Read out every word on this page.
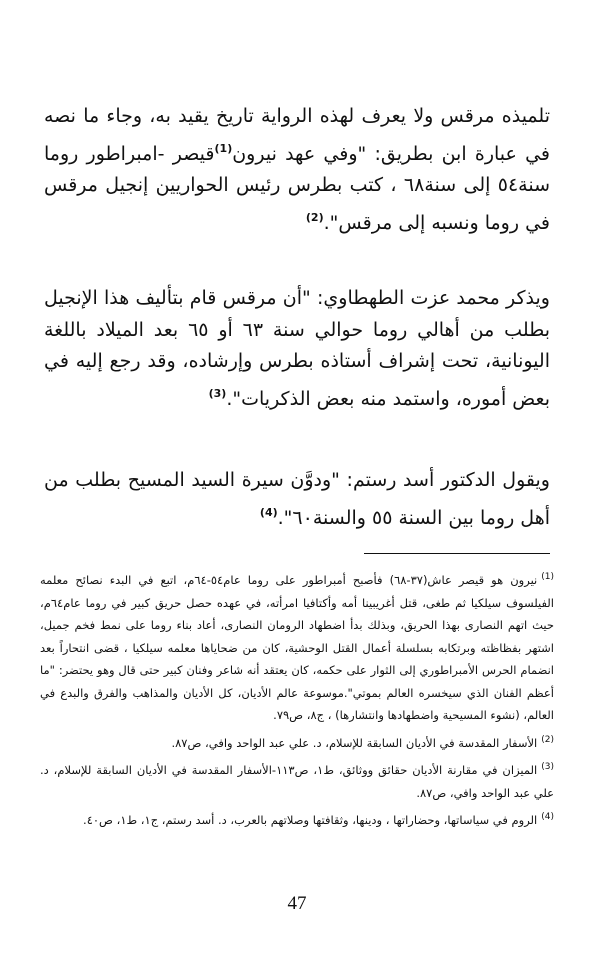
تلميذه مرقس ولا يعرف لهذه الرواية تاريخ يقيد به، وجاء ما نصه في عبارة ابن بطريق: "وفي عهد نيرون$^{(1)}$قيصر -امبراطور روما سنة٥٤ إلى سنة٦٨ ، كتب بطرس رئيس الحواريين إنجيل مرقس في روما ونسبه إلى مرقس".$^{(2)}$

ويذكر محمد عزت الطهطاوي: "أن مرقس قام بتأليف هذا الإنجيل بطلب من أهالي روما حوالي سنة ٦٣ أو ٦٥ بعد الميلاد باللغة اليونانية، تحت إشراف أستاذه بطرس وإرشاده، وقد رجع إليه في بعض أموره، واستمد منه بعض الذكريات".$^{(3)}$

ويقول الدكتور أسد رستم: "ودوَّن سيرة السيد المسيح بطلب من أهل روما بين السنة ٥٥ والسنة٦٠".$^{(4)}$

$^{(1)}$نيرون هو قيصر عاش(٣٧-٦٨) فأصبح أمبراطور على روما عام٥٤-٦٤م، اتبع في البدء نصائح معلمه الفيلسوف سيلكيا ثم طغى، قتل أغريبينا أمه وأكتافيا امرأته، في عهده حصل حريق كبير في روما عام٦٤م، حيث اتهم النصارى بهذا الحريق، وبذلك بدأ اضطهاد الرومان النصارى، أعاد بناء روما على نمط فخم جميل، اشتهر بفظاظته وبرتكابه بسلسلة أعمال القتل الوحشية، كان من ضحاياها معلمه سيلكيا ، قضى انتحاراً بعد انضمام الحرس الأمبراطوري إلى الثوار على حكمه، كان يعتقد أنه شاعر وفنان كبير حتى قال وهو يحتضر: "ما أعظم الفنان الذي سيخسره العالم بموتي".موسوعة عالم الأديان، كل الأديان والمذاهب والفرق والبدع في العالم، (نشوء المسيحية واضطهادها وانتشارها) ، ج٨، ص٧٩.

$^{(2)}$الأسفار المقدسة في الأديان السابقة للإسلام، د. علي عبد الواحد وافي، ص٨٧.

$^{(3)}$الميزان في مقارنة الأديان حقائق ووثائق، ط١، ص١١٣-الأسفار المقدسة في الأديان السابقة للإسلام، د. علي عبد الواحد وافي، ص٨٧.

$^{(4)}$الروم في سياساتها، وحضاراتها ، ودينها، وثقافتها وصلاتهم بالعرب، د. أسد رستم، ج١، ط١، ص٤٠.

47
